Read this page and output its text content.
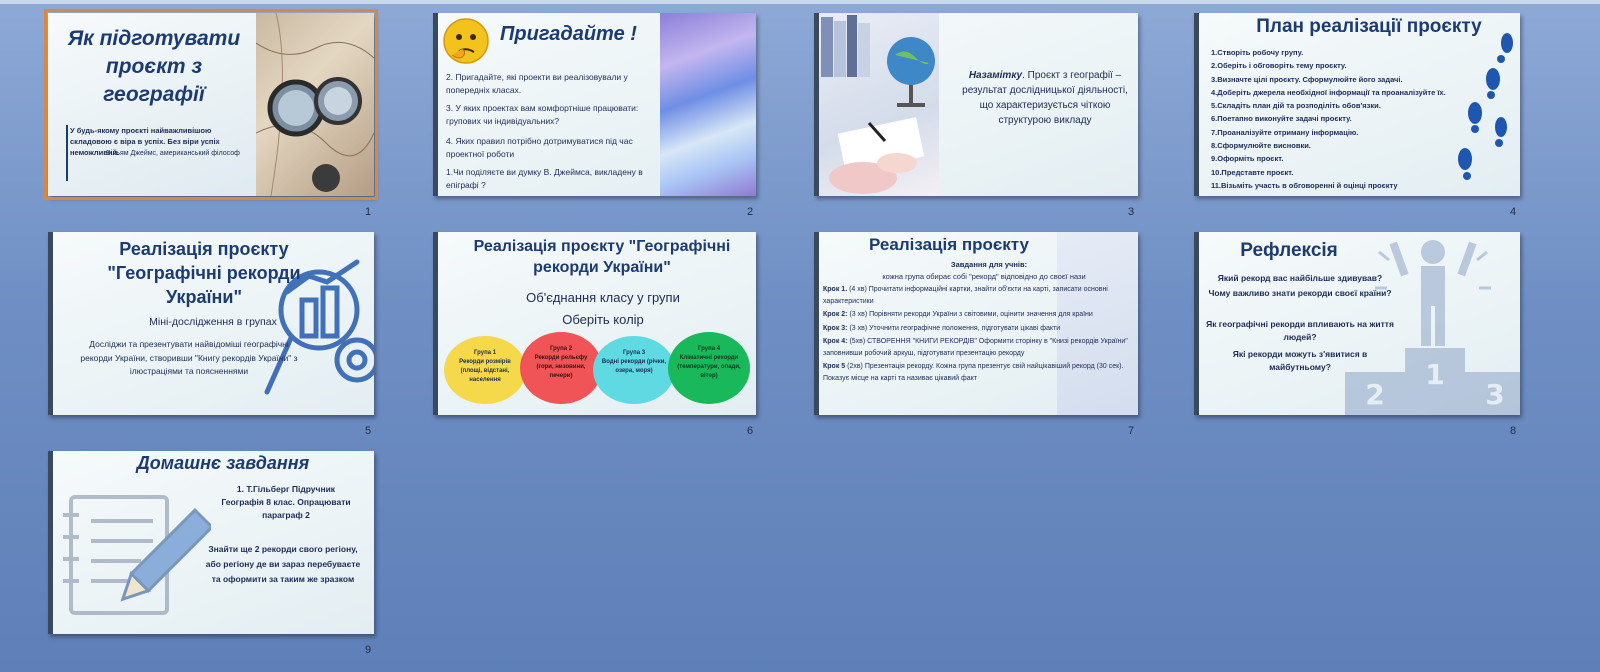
Як підготувати проєкт з географії
У будь-якому проєкті найважливішою складовою є віра в успіх. Без віри успіх неможливий.
Вільям Джеймс, американський філософ
1
Пригадайте !
2. Пригадайте, які проекти ви реалізовували у попередніх класах.
3. У яких проектах вам комфортніше працювати: групових чи індивідуальних?
4. Яких правил потрібно дотримуватися під час проектної роботи
1.Чи поділяєте ви думку В. Джеймса, викладену в епіграфі ?
2
Назамітку. Проєкт з географії – результат дослідницької діяльності, що характеризується чіткою структурою викладу
3
План реалізації проєкту
1.Створіть робочу групу.
2.Оберіть і обговоріть тему проєкту.
3.Визначте цілі проєкту. Сформулюйте його задачі.
4.Доберіть джерела необхідної інформації та проаналізуйте їх.
5.Складіть план дій та розподіліть обов'язки.
6.Поетапно виконуйте задачі проєкту.
7.Проаналізуйте отриману інформацію.
8.Сформулюйте висновки.
9.Оформіть проєкт.
10.Представте проєкт.
11.Візьміть участь в обговоренні й оцінці проєкту
4
Реалізація проєкту "Географічні рекорди України"
Міні-дослідження в групах
Досліджи та презентувати найвідоміші географічні рекорди України, створивши "Книгу рекордів України" з ілюстраціями та поясненнями
5
Реалізація проєкту "Географічні рекорди України"
Об'єднання класу у групи
Оберіть колір
Група 1
Рекорди розмірів (площі, відстані, населення
Група 2
Рекорди рельєфу (гори, низовини, печери)
Група 3
Водні рекорди (річки, озера, моря)
Група 4
Кліматичні рекорди (температури, опади, вітер)
6
Реалізація проєкту
Завдання для учнів:
кожна група обирає собі "рекорд" відповідно до своєї нази
Крок 1. (4 хв) Прочитати інформаційні картки, знайти об'єкти на карті, записати основні характеристики
Крок 2: (3 хв) Порівняти рекорди України з світовими, оцінити значення для країни
Крок 3: (3 хв) Уточнити географічне положення, підготувати цікаві факти
Крок 4: (5хв) СТВОРЕННЯ "КНИГИ РЕКОРДІВ" Оформити сторінку в "Книзі рекордів України" заповнивши робочий аркуш, підготувати презентацію рекорду
Крок 5 (2хв) Презентація рекорду. Кожна група презентує свій найцікавіший рекорд (30 сек). Показує місце на карті та називає цікавий факт
7
2
1
3
Рефлексія
Який рекорд вас найбільше здивував?
Чому важливо знати рекорди своєї країни?
Як географічні рекорди впливають на життя людей?
Які рекорди можуть з'явитися в майбутньому?
8
Домашнє завдання
1. Т.Гільберг Підручник Географія 8 клас. Опрацювати параграф 2
Знайти ще 2 рекорди свого регіону, або регіону де ви зараз перебуваєте та оформити за таким же зразком
9
